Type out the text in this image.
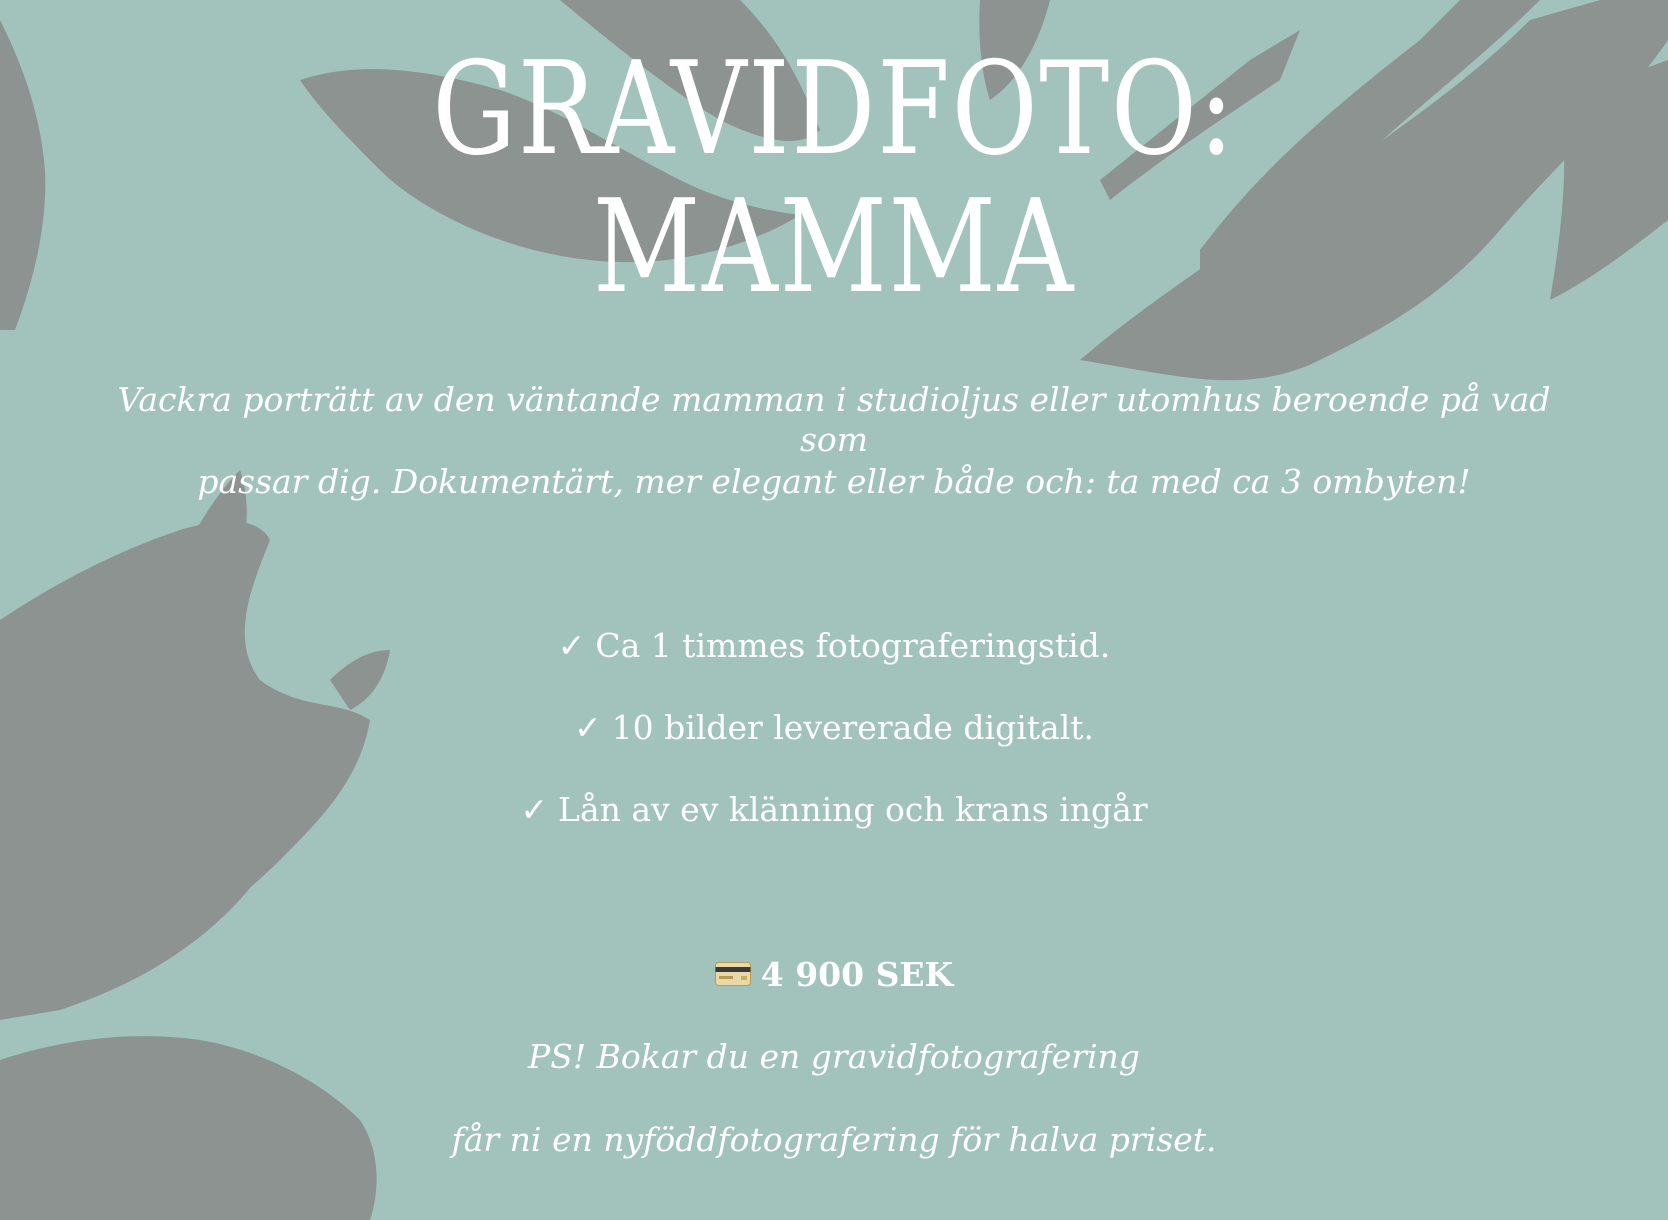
GRAVIDFOTO:
MAMMA
Vackra porträtt av den väntande mamman i studioljus eller utomhus beroende på vad som
passar dig. Dokumentärt, mer elegant eller både och: ta med ca 3 ombyten!
✓ Ca 1 timmes fotograferingstid.
✓ 10 bilder levererade digitalt.
✓ Lån av ev klänning och krans ingår
4 900 SEK
PS! Bokar du en gravidfotografering
får ni en nyföddfotografering för halva priset.
